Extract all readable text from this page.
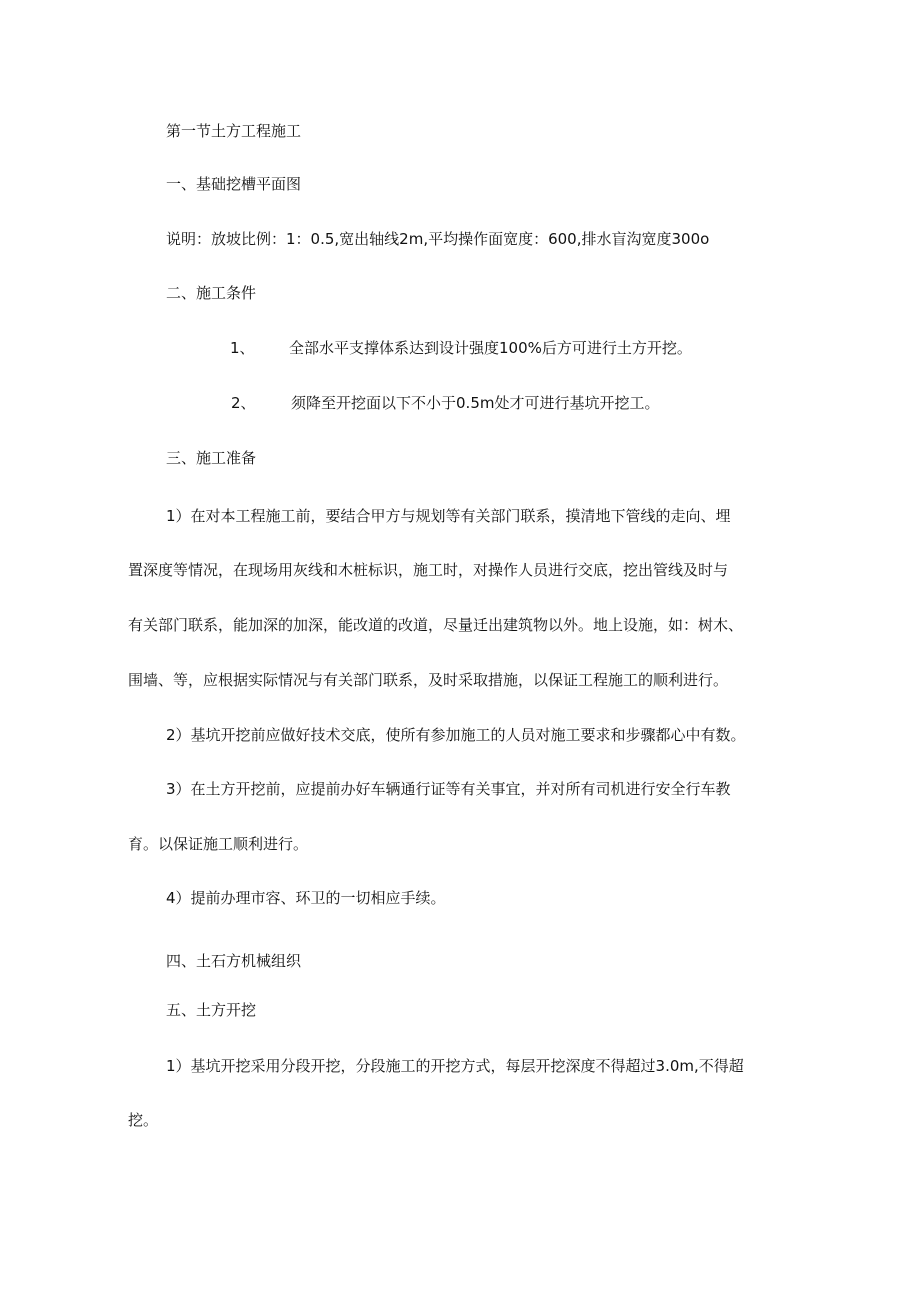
第一节土方工程施工
一、基础挖槽平面图
说明：放坡比例：1：0.5,宽出轴线2m,平均操作面宽度：600,排水盲沟宽度300o
二、施工条件
1、 全部水平支撑体系达到设计强度100%后方可进行土方开挖。
2、 须降至开挖面以下不小于0.5m处才可进行基坑开挖工。
三、施工准备
1）在对本工程施工前，要结合甲方与规划等有关部门联系，摸清地下管线的走向、埋
置深度等情况，在现场用灰线和木桩标识，施工时，对操作人员进行交底，挖出管线及时与
有关部门联系，能加深的加深，能改道的改道，尽量迁出建筑物以外。地上设施，如：树木、
围墙、等，应根据实际情况与有关部门联系，及时采取措施，以保证工程施工的顺利进行。
2）基坑开挖前应做好技术交底，使所有参加施工的人员对施工要求和步骤都心中有数。
3）在土方开挖前，应提前办好车辆通行证等有关事宜，并对所有司机进行安全行车教
育。以保证施工顺利进行。
4）提前办理市容、环卫的一切相应手续。
四、土石方机械组织
五、土方开挖
1）基坑开挖采用分段开挖，分段施工的开挖方式，每层开挖深度不得超过3.0m,不得超
挖。
